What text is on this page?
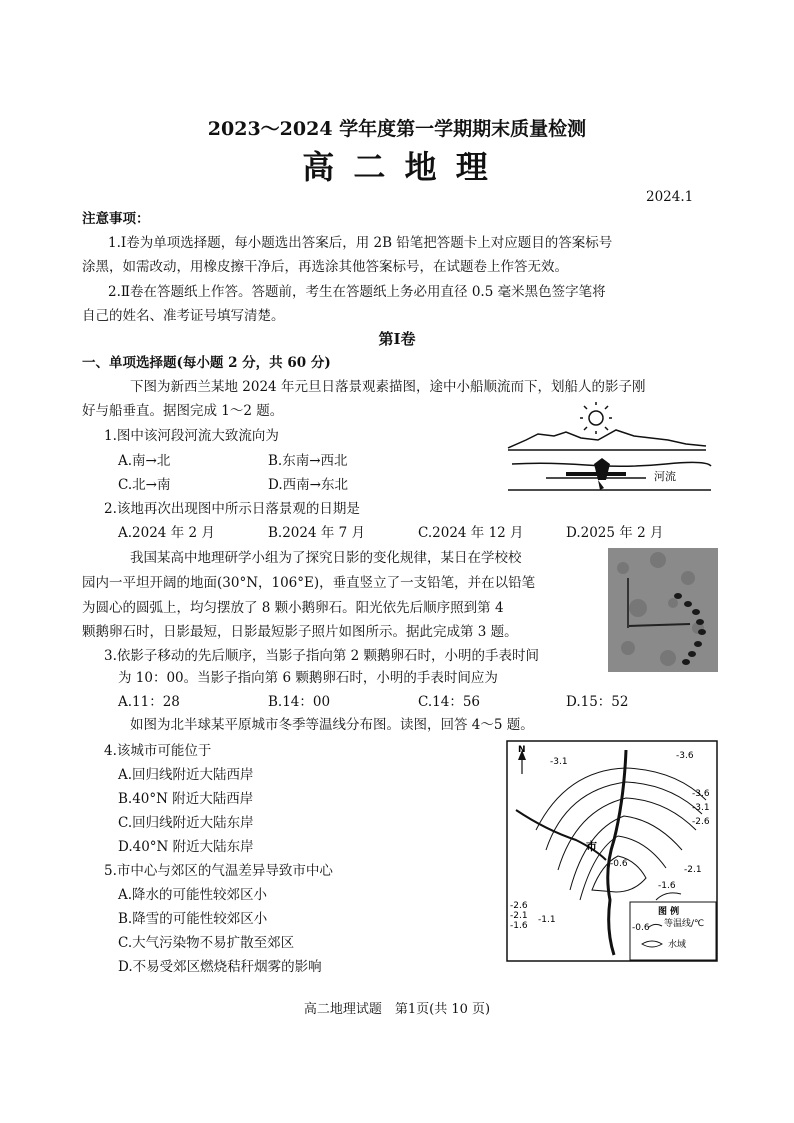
2023～2024 学年度第一学期期末质量检测
高 二 地 理
2024.1
注意事项：
1.Ⅰ卷为单项选择题，每小题选出答案后，用 2B 铅笔把答题卡上对应题目的答案标号
涂黑，如需改动，用橡皮擦干净后，再选涂其他答案标号，在试题卷上作答无效。
2.Ⅱ卷在答题纸上作答。答题前，考生在答题纸上务必用直径 0.5 毫米黑色签字笔将
自己的姓名、准考证号填写清楚。
第Ⅰ卷
一、单项选择题(每小题 2 分，共 60 分)
下图为新西兰某地 2024 年元旦日落景观素描图，途中小船顺流而下，划船人的影子刚
好与船垂直。据图完成 1～2 题。
1.图中该河段河流大致流向为
A.南→北	B.东南→西北
C.北→南	D.西南→东北
河流
2.该地再次出现图中所示日落景观的日期是
A.2024 年 2 月	B.2024 年 7 月	C.2024 年 12 月	D.2025 年 2 月
我国某高中地理研学小组为了探究日影的变化规律，某日在学校校
园内一平坦开阔的地面(30°N，106°E)，垂直竖立了一支铅笔，并在以铅笔
为圆心的圆弧上，均匀摆放了 8 颗小鹅卵石。阳光依先后顺序照到第 4
颗鹅卵石时，日影最短，日影最短影子照片如图所示。据此完成第 3 题。
3.依影子移动的先后顺序，当影子指向第 2 颗鹅卵石时，小明的手表时间
为 10：00。当影子指向第 6 颗鹅卵石时，小明的手表时间应为
A.11：28	B.14：00	C.14：56	D.15：52
如图为北半球某平原城市冬季等温线分布图。读图，回答 4～5 题。
4.该城市可能位于
A.回归线附近大陆西岸
B.40°N 附近大陆西岸
C.回归线附近大陆东岸
D.40°N 附近大陆东岸
5.市中心与郊区的气温差异导致市中心
A.降水的可能性较郊区小
B.降雪的可能性较郊区小
C.大气污染物不易扩散至郊区
D.不易受郊区燃烧秸秆烟雾的影响
N
-3.1
-3.6
-3.6
-3.1
-2.6
-0.6
-2.1
-1.6
-2.6
-2.1
-1.6
-1.1
市
图 例
-0.6 等温线/℃
水域
高二地理试题　第1页(共 10 页)
